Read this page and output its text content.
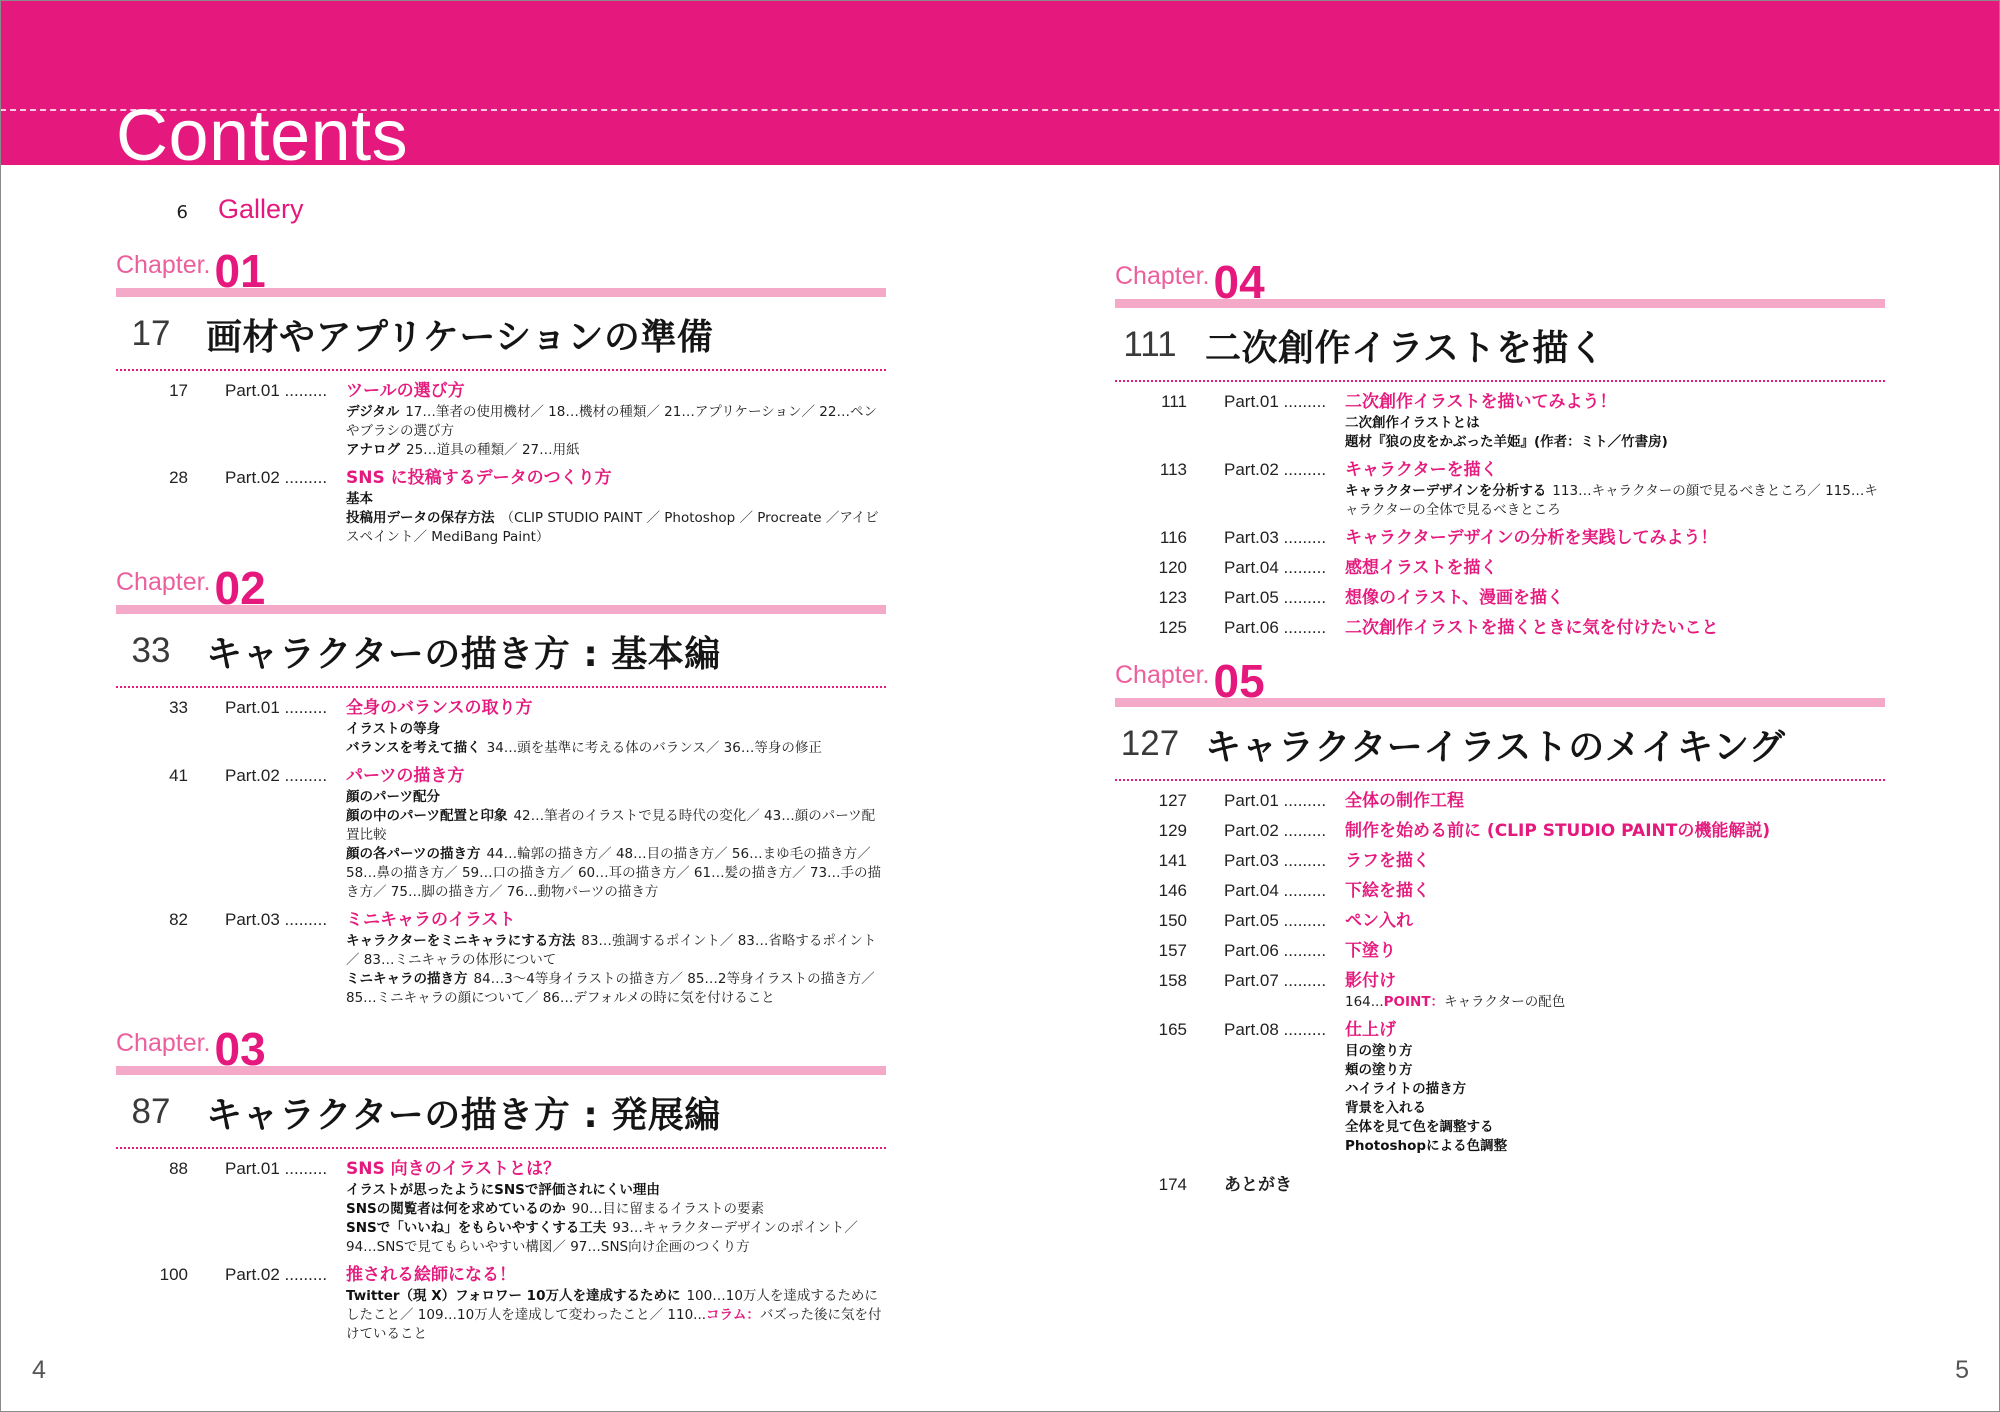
Contents
6 Gallery
Chapter. 01
17 画材やアプリケーションの準備
17 Part.01 .........	ツールの選び方
デジタル 17…筆者の使用機材／ 18…機材の種類／ 21…アプリケーション／ 22…ペンやブラシの選び方
アナログ 25…道具の種類／ 27…用紙
28 Part.02 .........	SNS に投稿するデータのつくり方
基本
投稿用データの保存方法 （CLIP STUDIO PAINT ／ Photoshop ／ Procreate ／アイビスペイント／ MediBang Paint）
Chapter. 02
33 キャラクターの描き方 : 基本編
33 Part.01 .........	全身のバランスの取り方
イラストの等身
バランスを考えて描く 34…頭を基準に考える体のバランス／ 36…等身の修正
41 Part.02 .........	パーツの描き方
顔のパーツ配分
顔の中のパーツ配置と印象 42…筆者のイラストで見る時代の変化／ 43…顔のパーツ配置比較
顔の各パーツの描き方 44…輪郭の描き方／ 48…目の描き方／ 56…まゆ毛の描き方／ 58…鼻の描き方／ 59…口の描き方／ 60…耳の描き方／ 61…髪の描き方／ 73…手の描き方／ 75…脚の描き方／ 76…動物パーツの描き方
82 Part.03 .........	ミニキャラのイラスト
キャラクターをミニキャラにする方法 83…強調するポイント／ 83…省略するポイント／ 83…ミニキャラの体形について
ミニキャラの描き方 84…3～4等身イラストの描き方／ 85…2等身イラストの描き方／ 85…ミニキャラの顔について／ 86…デフォルメの時に気を付けること
Chapter. 03
87 キャラクターの描き方 : 発展編
88 Part.01 .........	SNS 向きのイラストとは？
イラストが思ったようにSNSで評価されにくい理由
SNSの閲覧者は何を求めているのか 90…目に留まるイラストの要素
SNSで「いいね」をもらいやすくする工夫 93…キャラクターデザインのポイント／ 94…SNSで見てもらいやすい構図／ 97…SNS向け企画のつくり方
100 Part.02 .........	推される絵師になる！
Twitter（現 X）フォロワー 10万人を達成するために 100…10万人を達成するためにしたこと／ 109…10万人を達成して変わったこと／ 110...コラム：バズった後に気を付けていること
Chapter. 04
111 二次創作イラストを描く
111 Part.01 .........	二次創作イラストを描いてみよう！
二次創作イラストとは
題材『狼の皮をかぶった羊姫』(作者：ミト／竹書房)
113 Part.02 .........	キャラクターを描く
キャラクターデザインを分析する 113…キャラクターの顔で見るべきところ／ 115…キャラクターの全体で見るべきところ
116 Part.03 .........	キャラクターデザインの分析を実践してみよう！
120 Part.04 .........	感想イラストを描く
123 Part.05 .........	想像のイラスト、漫画を描く
125 Part.06 .........	二次創作イラストを描くときに気を付けたいこと
Chapter. 05
127 キャラクターイラストのメイキング
127 Part.01 .........	全体の制作工程
129 Part.02 .........	制作を始める前に (CLIP STUDIO PAINTの機能解説)
141 Part.03 .........	ラフを描く
146 Part.04 .........	下絵を描く
150 Part.05 .........	ペン入れ
157 Part.06 .........	下塗り
158 Part.07 .........	影付け
164...POINT：キャラクターの配色
165 Part.08 .........	仕上げ
目の塗り方
頬の塗り方
ハイライトの描き方
背景を入れる
全体を見て色を調整する
Photoshopによる色調整
174 あとがき
4	5
